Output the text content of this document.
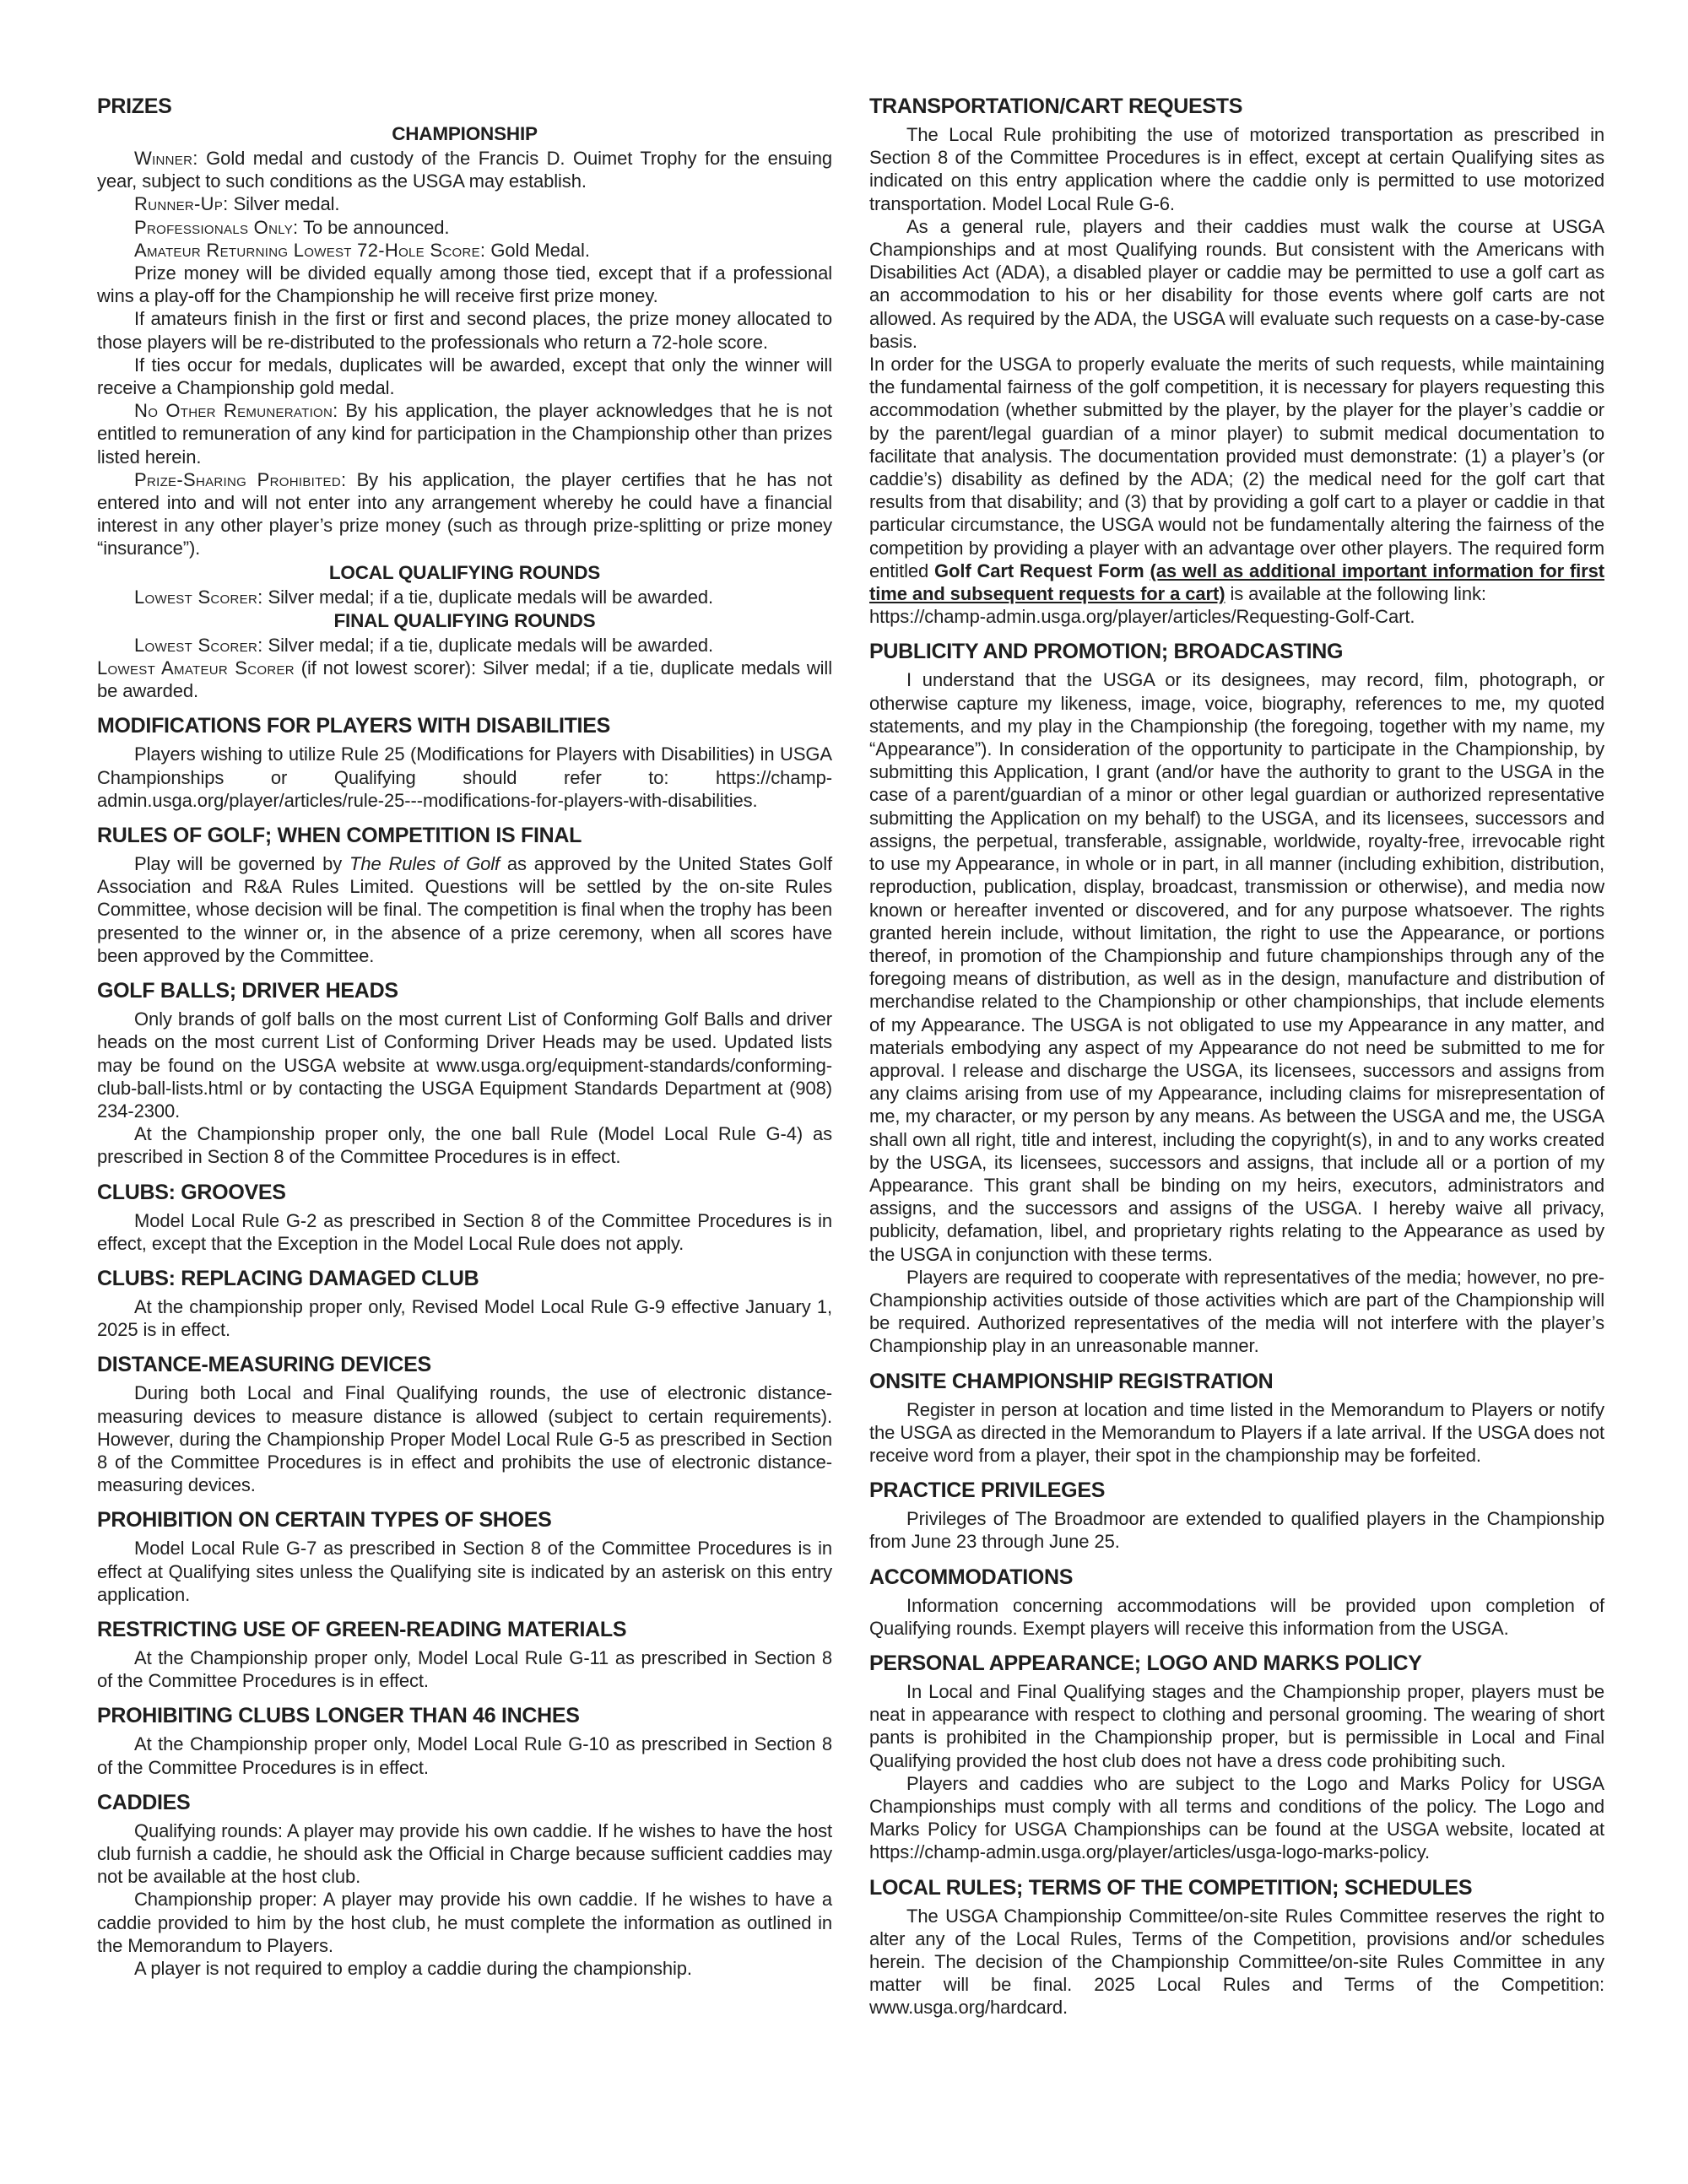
PRIZES
CHAMPIONSHIP

Winner: Gold medal and custody of the Francis D. Ouimet Trophy for the ensuing year, subject to such conditions as the USGA may establish.

Runner-Up: Silver medal.

Professionals Only: To be announced.

Amateur Returning Lowest 72-Hole Score: Gold Medal.

Prize money will be divided equally among those tied, except that if a professional wins a play-off for the Championship he will receive first prize money.

If amateurs finish in the first or first and second places, the prize money allocated to those players will be re-distributed to the professionals who return a 72-hole score.

If ties occur for medals, duplicates will be awarded, except that only the winner will receive a Championship gold medal.

No Other Remuneration: By his application, the player acknowledges that he is not entitled to remuneration of any kind for participation in the Championship other than prizes listed herein.

Prize-Sharing Prohibited: By his application, the player certifies that he has not entered into and will not enter into any arrangement whereby he could have a financial interest in any other player’s prize money (such as through prize-splitting or prize money “insurance”).

LOCAL QUALIFYING ROUNDS

Lowest Scorer: Silver medal; if a tie, duplicate medals will be awarded.

FINAL QUALIFYING ROUNDS

Lowest Scorer: Silver medal; if a tie, duplicate medals will be awarded.

Lowest Amateur Scorer (if not lowest scorer): Silver medal; if a tie, duplicate medals will be awarded.

MODIFICATIONS FOR PLAYERS WITH DISABILITIES

Players wishing to utilize Rule 25 (Modifications for Players with Disabilities) in USGA Championships or Qualifying should refer to: https://champ-admin.usga.org/player/articles/rule-25---modifications-for-players-with-disabilities.

RULES OF GOLF; WHEN COMPETITION IS FINAL

Play will be governed by The Rules of Golf as approved by the United States Golf Association and R&A Rules Limited. Questions will be settled by the on-site Rules Committee, whose decision will be final. The competition is final when the trophy has been presented to the winner or, in the absence of a prize ceremony, when all scores have been approved by the Committee.

GOLF BALLS; DRIVER HEADS

Only brands of golf balls on the most current List of Conforming Golf Balls and driver heads on the most current List of Conforming Driver Heads may be used. Updated lists may be found on the USGA website at www.usga.org/equipment-standards/conforming-club-ball-lists.html or by contacting the USGA Equipment Standards Department at (908) 234-2300.

At the Championship proper only, the one ball Rule (Model Local Rule G-4) as prescribed in Section 8 of the Committee Procedures is in effect.

CLUBS: GROOVES

Model Local Rule G-2 as prescribed in Section 8 of the Committee Procedures is in effect, except that the Exception in the Model Local Rule does not apply.

CLUBS: REPLACING DAMAGED CLUB

At the championship proper only, Revised Model Local Rule G-9 effective January 1, 2025 is in effect.

DISTANCE-MEASURING DEVICES

During both Local and Final Qualifying rounds, the use of electronic distance-measuring devices to measure distance is allowed (subject to certain requirements). However, during the Championship Proper Model Local Rule G-5 as prescribed in Section 8 of the Committee Procedures is in effect and prohibits the use of electronic distance-measuring devices.

PROHIBITION ON CERTAIN TYPES OF SHOES

Model Local Rule G-7 as prescribed in Section 8 of the Committee Procedures is in effect at Qualifying sites unless the Qualifying site is indicated by an asterisk on this entry application.

RESTRICTING USE OF GREEN-READING MATERIALS

At the Championship proper only, Model Local Rule G-11 as prescribed in Section 8 of the Committee Procedures is in effect.

PROHIBITING CLUBS LONGER THAN 46 INCHES

At the Championship proper only, Model Local Rule G-10 as prescribed in Section 8 of the Committee Procedures is in effect.

CADDIES

Qualifying rounds: A player may provide his own caddie. If he wishes to have the host club furnish a caddie, he should ask the Official in Charge because sufficient caddies may not be available at the host club.

Championship proper: A player may provide his own caddie. If he wishes to have a caddie provided to him by the host club, he must complete the information as outlined in the Memorandum to Players.

A player is not required to employ a caddie during the championship.

TRANSPORTATION/CART REQUESTS

The Local Rule prohibiting the use of motorized transportation as prescribed in Section 8 of the Committee Procedures is in effect, except at certain Qualifying sites as indicated on this entry application where the caddie only is permitted to use motorized transportation. Model Local Rule G-6.

As a general rule, players and their caddies must walk the course at USGA Championships and at most Qualifying rounds. But consistent with the Americans with Disabilities Act (ADA), a disabled player or caddie may be permitted to use a golf cart as an accommodation to his or her disability for those events where golf carts are not allowed. As required by the ADA, the USGA will evaluate such requests on a case-by-case basis.

In order for the USGA to properly evaluate the merits of such requests, while maintaining the fundamental fairness of the golf competition, it is necessary for players requesting this accommodation (whether submitted by the player, by the player for the player’s caddie or by the parent/legal guardian of a minor player) to submit medical documentation to facilitate that analysis. The documentation provided must demonstrate: (1) a player’s (or caddie’s) disability as defined by the ADA; (2) the medical need for the golf cart that results from that disability; and (3) that by providing a golf cart to a player or caddie in that particular circumstance, the USGA would not be fundamentally altering the fairness of the competition by providing a player with an advantage over other players. The required form entitled Golf Cart Request Form (as well as additional important information for first time and subsequent requests for a cart) is available at the following link:

https://champ-admin.usga.org/player/articles/Requesting-Golf-Cart.

PUBLICITY AND PROMOTION; BROADCASTING

I understand that the USGA or its designees, may record, film, photograph, or otherwise capture my likeness, image, voice, biography, references to me, my quoted statements, and my play in the Championship (the foregoing, together with my name, my “Appearance”). In consideration of the opportunity to participate in the Championship, by submitting this Application, I grant (and/or have the authority to grant to the USGA in the case of a parent/guardian of a minor or other legal guardian or authorized representative submitting the Application on my behalf) to the USGA, and its licensees, successors and assigns, the perpetual, transferable, assignable, worldwide, royalty-free, irrevocable right to use my Appearance, in whole or in part, in all manner (including exhibition, distribution, reproduction, publication, display, broadcast, transmission or otherwise), and media now known or hereafter invented or discovered, and for any purpose whatsoever. The rights granted herein include, without limitation, the right to use the Appearance, or portions thereof, in promotion of the Championship and future championships through any of the foregoing means of distribution, as well as in the design, manufacture and distribution of merchandise related to the Championship or other championships, that include elements of my Appearance. The USGA is not obligated to use my Appearance in any matter, and materials embodying any aspect of my Appearance do not need be submitted to me for approval. I release and discharge the USGA, its licensees, successors and assigns from any claims arising from use of my Appearance, including claims for misrepresentation of me, my character, or my person by any means. As between the USGA and me, the USGA shall own all right, title and interest, including the copyright(s), in and to any works created by the USGA, its licensees, successors and assigns, that include all or a portion of my Appearance. This grant shall be binding on my heirs, executors, administrators and assigns, and the successors and assigns of the USGA. I hereby waive all privacy, publicity, defamation, libel, and proprietary rights relating to the Appearance as used by the USGA in conjunction with these terms.

Players are required to cooperate with representatives of the media; however, no pre-Championship activities outside of those activities which are part of the Championship will be required. Authorized representatives of the media will not interfere with the player’s Championship play in an unreasonable manner.

ONSITE CHAMPIONSHIP REGISTRATION

Register in person at location and time listed in the Memorandum to Players or notify the USGA as directed in the Memorandum to Players if a late arrival. If the USGA does not receive word from a player, their spot in the championship may be forfeited.

PRACTICE PRIVILEGES

Privileges of The Broadmoor are extended to qualified players in the Championship from June 23 through June 25.

ACCOMMODATIONS

Information concerning accommodations will be provided upon completion of Qualifying rounds. Exempt players will receive this information from the USGA.

PERSONAL APPEARANCE; LOGO AND MARKS POLICY

In Local and Final Qualifying stages and the Championship proper, players must be neat in appearance with respect to clothing and personal grooming. The wearing of short pants is prohibited in the Championship proper, but is permissible in Local and Final Qualifying provided the host club does not have a dress code prohibiting such.

Players and caddies who are subject to the Logo and Marks Policy for USGA Championships must comply with all terms and conditions of the policy. The Logo and Marks Policy for USGA Championships can be found at the USGA website, located at https://champ-admin.usga.org/player/articles/usga-logo-marks-policy.

LOCAL RULES; TERMS OF THE COMPETITION; SCHEDULES

The USGA Championship Committee/on-site Rules Committee reserves the right to alter any of the Local Rules, Terms of the Competition, provisions and/or schedules herein. The decision of the Championship Committee/on-site Rules Committee in any matter will be final. 2025 Local Rules and Terms of the Competition: www.usga.org/hardcard.
